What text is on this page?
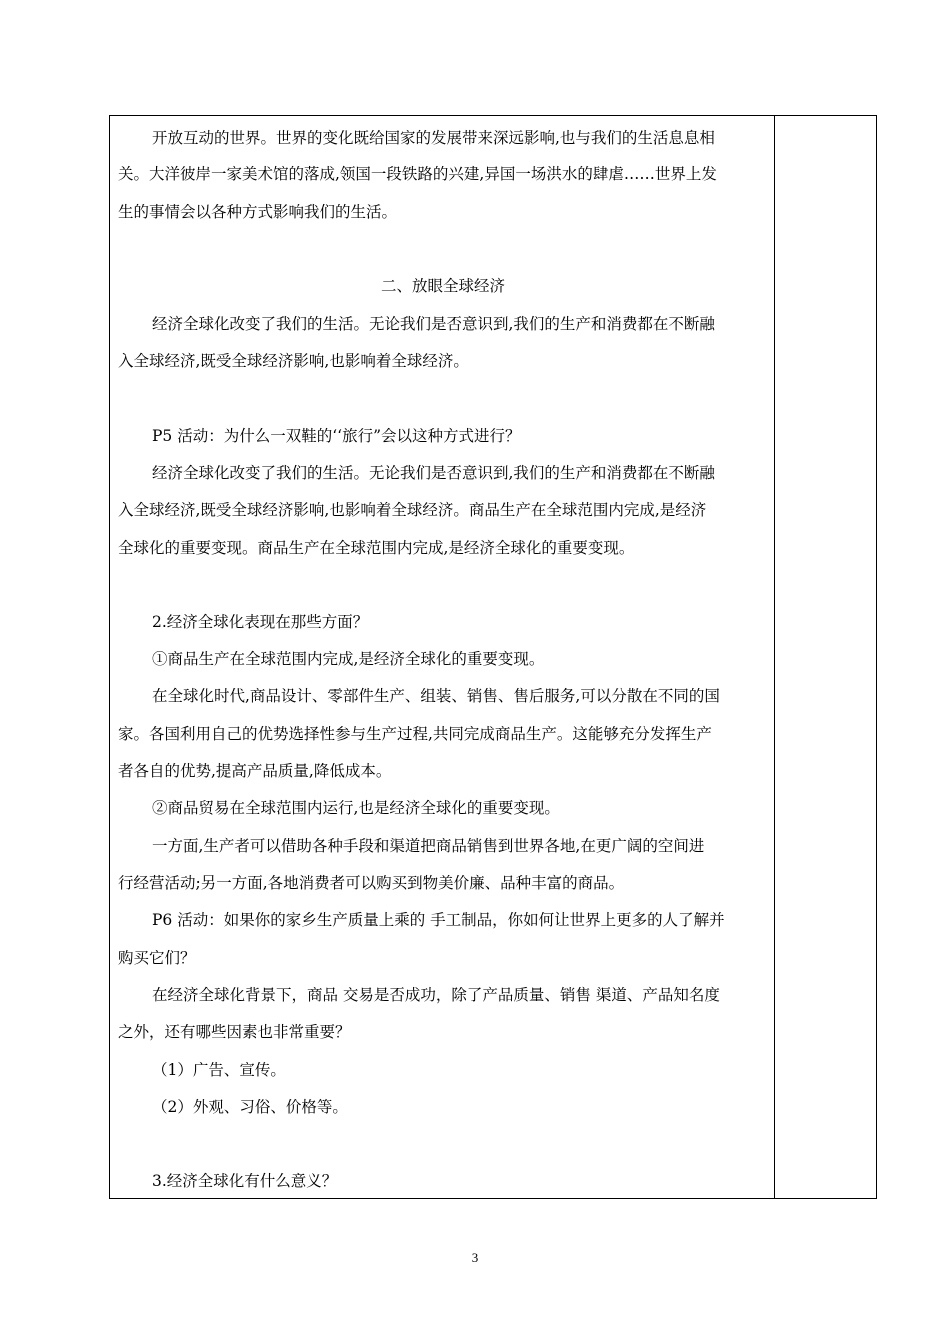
开放互动的世界。世界的变化既给国家的发展带来深远影响,也与我们的生活息息相
关。大洋彼岸一家美术馆的落成,领国一段铁路的兴建,异国一场洪水的肆虐……世界上发
生的事情会以各种方式影响我们的生活。
二、放眼全球经济
经济全球化改变了我们的生活。无论我们是否意识到,我们的生产和消费都在不断融
入全球经济,既受全球经济影响,也影响着全球经济。
P5 活动：为什么一双鞋的‘‘旅行”会以这种方式进行？
经济全球化改变了我们的生活。无论我们是否意识到,我们的生产和消费都在不断融
入全球经济,既受全球经济影响,也影响着全球经济。商品生产在全球范围内完成,是经济
全球化的重要变现。商品生产在全球范围内完成,是经济全球化的重要变现。
2.经济全球化表现在那些方面？
①商品生产在全球范围内完成,是经济全球化的重要变现。
在全球化时代,商品设计、零部件生产、组装、销售、售后服务,可以分散在不同的国
家。各国利用自己的优势选择性参与生产过程,共同完成商品生产。这能够充分发挥生产
者各自的优势,提高产品质量,降低成本。
②商品贸易在全球范围内运行,也是经济全球化的重要变现。
一方面,生产者可以借助各种手段和渠道把商品销售到世界各地,在更广阔的空间进
行经营活动;另一方面,各地消费者可以购买到物美价廉、品种丰富的商品。
P6 活动：如果你的家乡生产质量上乘的 手工制品，你如何让世界上更多的人了解并
购买它们？
在经济全球化背景下，商品 交易是否成功，除了产品质量、销售 渠道、产品知名度
之外，还有哪些因素也非常重要？
（1）广告、宣传。
（2）外观、习俗、价格等。
3.经济全球化有什么意义？
3
